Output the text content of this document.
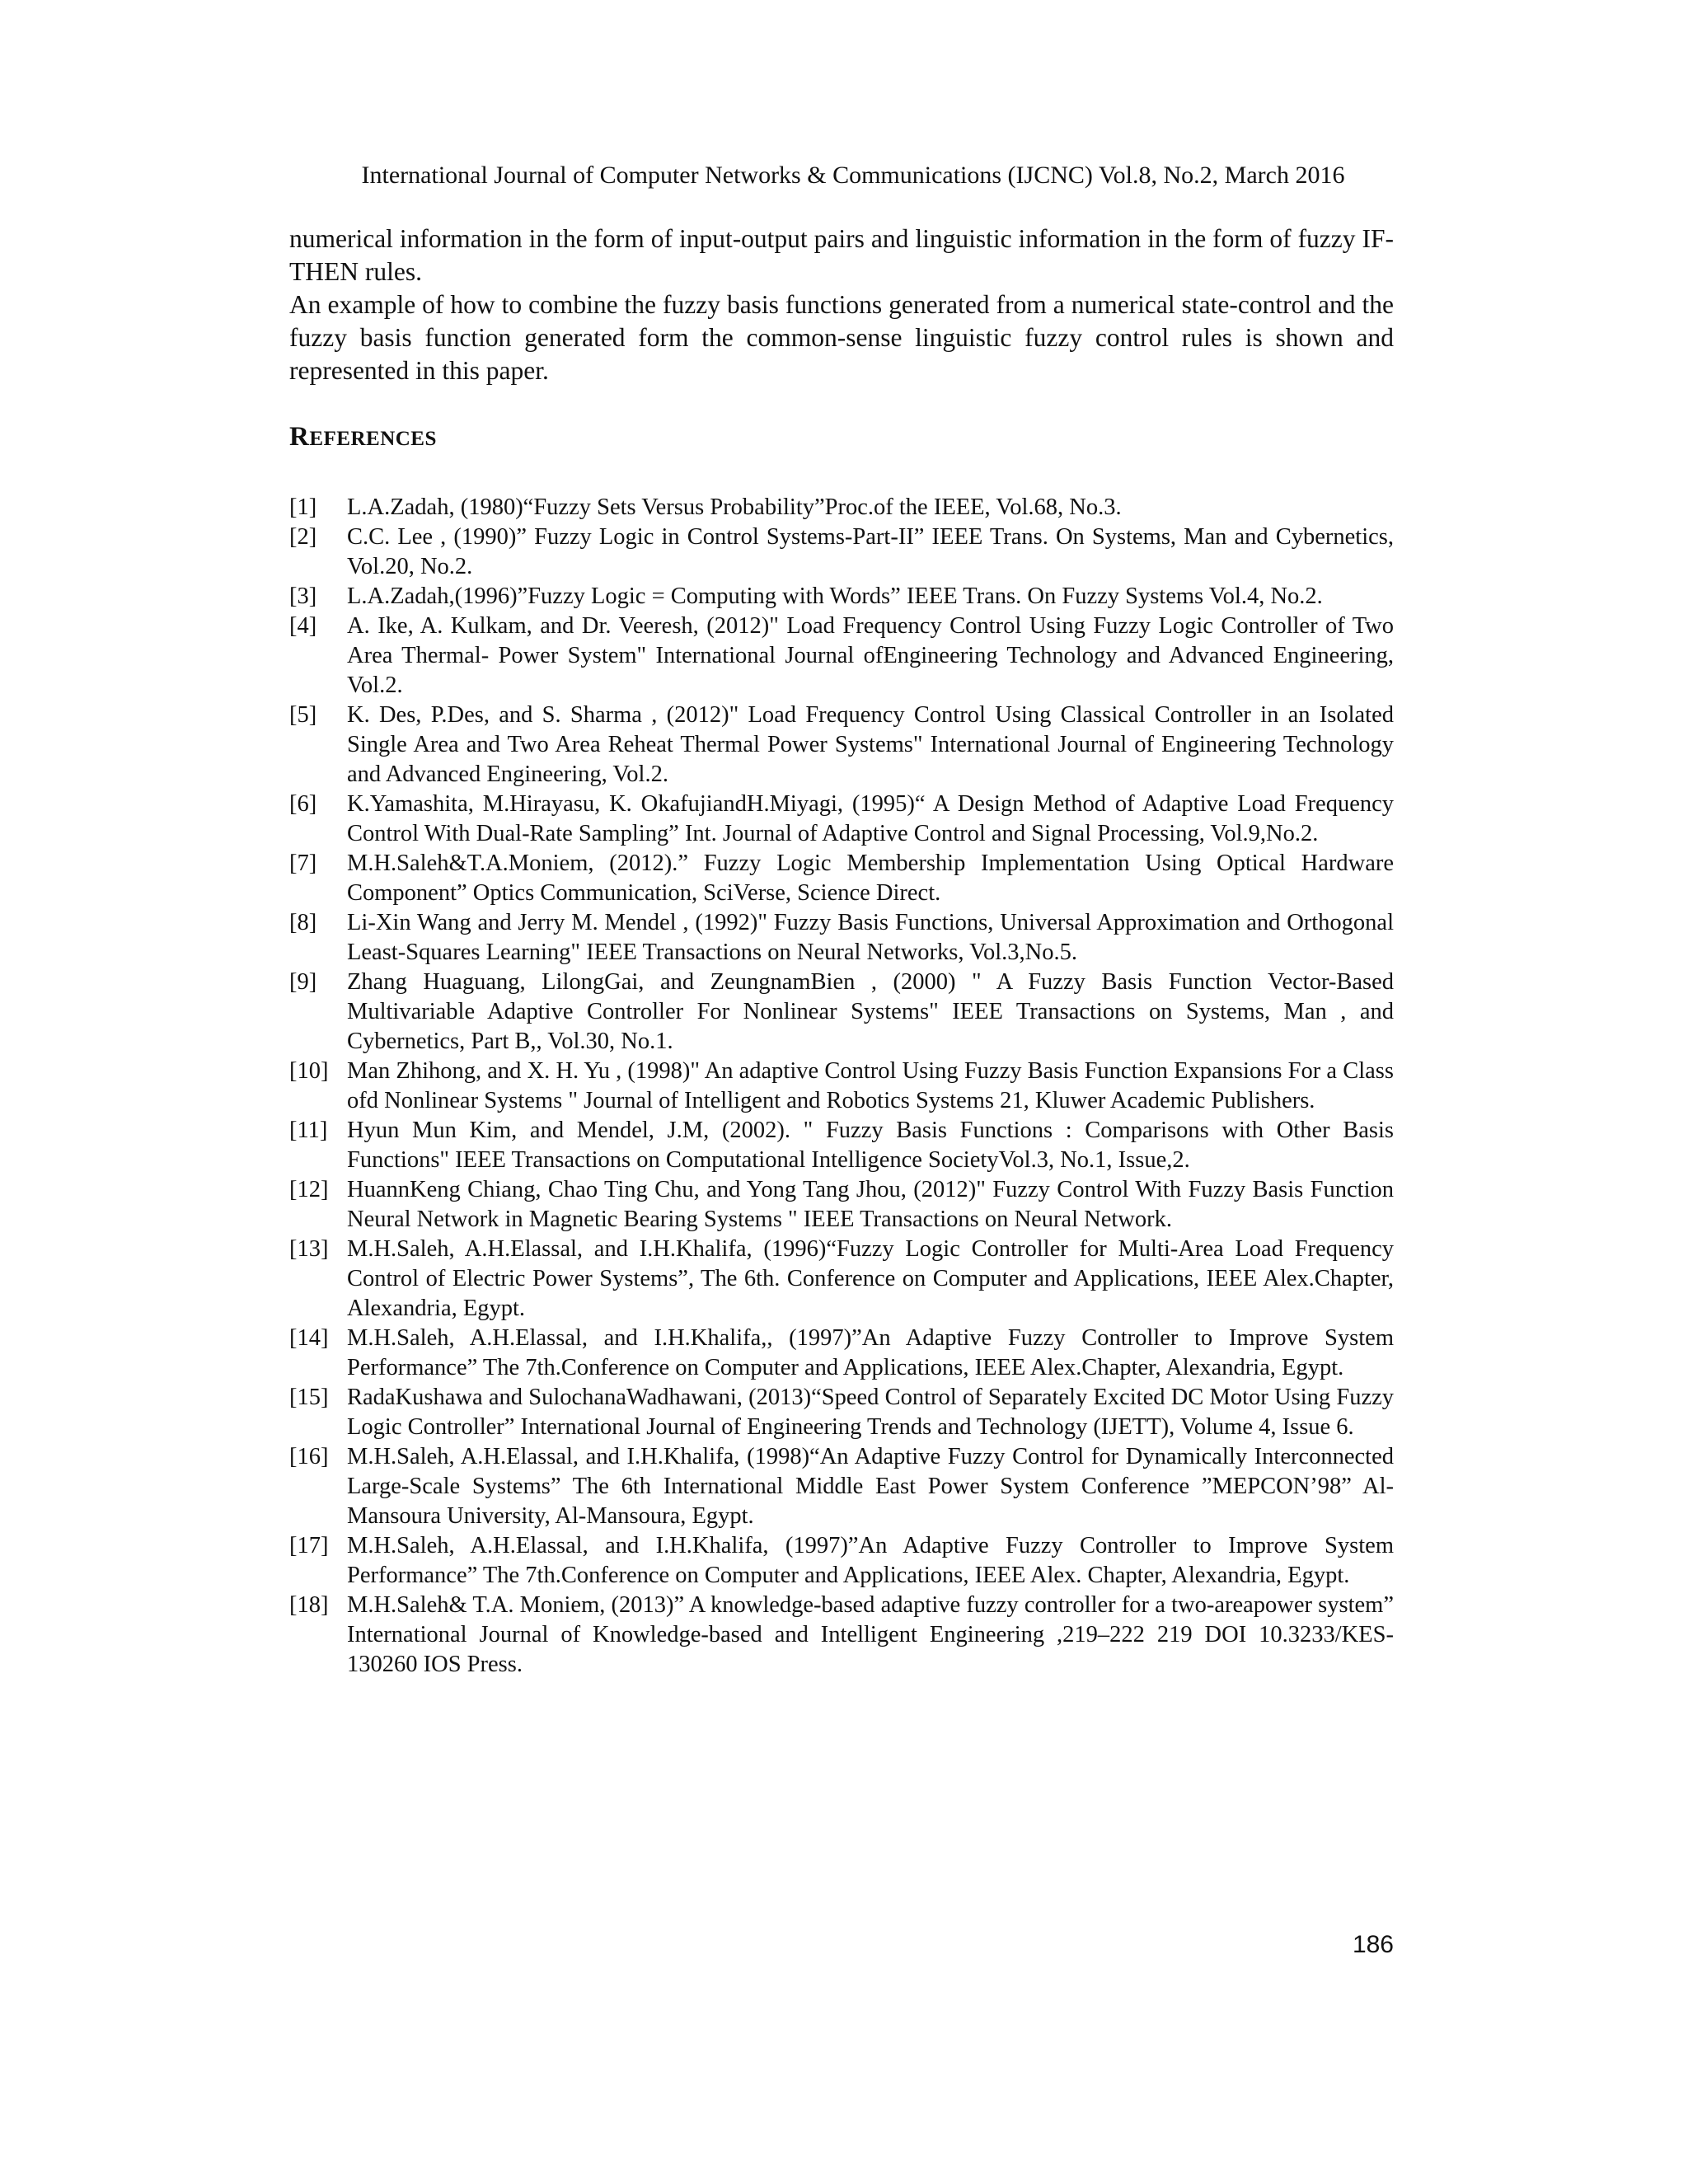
International Journal of Computer Networks & Communications (IJCNC) Vol.8, No.2, March 2016

numerical information in the form of input-output pairs and linguistic information in the form of fuzzy IF-THEN rules.

An example of how to combine the fuzzy basis functions generated from a numerical state-control and the fuzzy basis function generated form the common-sense linguistic fuzzy control rules is shown and represented in this paper.

REFERENCES
[1]	L.A.Zadah, (1980)“Fuzzy Sets Versus Probability”Proc.of the IEEE, Vol.68, No.3.
[2]	C.C. Lee , (1990)” Fuzzy Logic in Control Systems-Part-II” IEEE Trans. On Systems, Man and Cybernetics, Vol.20, No.2.
[3]	L.A.Zadah,(1996)”Fuzzy Logic = Computing with Words” IEEE Trans. On Fuzzy Systems Vol.4, No.2.
[4]	A. Ike, A. Kulkam, and Dr. Veeresh, (2012)" Load Frequency Control Using Fuzzy Logic Controller of Two Area Thermal- Power System" International Journal ofEngineering Technology and Advanced Engineering, Vol.2.
[5]	K. Des, P.Des, and S. Sharma , (2012)" Load Frequency Control Using Classical Controller in an Isolated Single Area and Two Area Reheat Thermal Power Systems" International Journal of Engineering Technology and Advanced Engineering, Vol.2.
[6]	K.Yamashita, M.Hirayasu, K. OkafujiandH.Miyagi, (1995)“ A Design Method of Adaptive Load Frequency Control With Dual-Rate Sampling” Int. Journal of Adaptive Control and Signal Processing, Vol.9,No.2.
[7]	M.H.Saleh&T.A.Moniem, (2012).” Fuzzy Logic Membership Implementation Using Optical Hardware Component” Optics Communication, SciVerse, Science Direct.
[8]	Li-Xin Wang and Jerry M. Mendel , (1992)" Fuzzy Basis Functions, Universal Approximation and Orthogonal Least-Squares Learning" IEEE Transactions on Neural Networks, Vol.3,No.5.
[9]	Zhang Huaguang, LilongGai, and ZeungnamBien , (2000) " A Fuzzy Basis Function Vector-Based Multivariable Adaptive Controller For Nonlinear Systems" IEEE Transactions on Systems, Man , and Cybernetics, Part B,, Vol.30, No.1.
[10] Man Zhihong, and X. H. Yu , (1998)" An adaptive Control Using Fuzzy Basis Function Expansions For a Class ofd Nonlinear Systems " Journal of Intelligent and Robotics Systems 21, Kluwer Academic Publishers.
[11] Hyun Mun Kim, and Mendel, J.M, (2002). " Fuzzy Basis Functions : Comparisons with Other Basis Functions" IEEE Transactions on Computational Intelligence SocietyVol.3, No.1, Issue,2.
[12] HuannKeng Chiang, Chao Ting Chu, and Yong Tang Jhou, (2012)" Fuzzy Control With Fuzzy Basis Function Neural Network in Magnetic Bearing Systems " IEEE Transactions on Neural Network.
[13] M.H.Saleh, A.H.Elassal, and I.H.Khalifa, (1996)“Fuzzy Logic Controller for Multi-Area Load Frequency Control of Electric Power Systems”, The 6th. Conference on Computer and Applications, IEEE Alex.Chapter, Alexandria, Egypt.
[14] M.H.Saleh, A.H.Elassal, and I.H.Khalifa,, (1997)”An Adaptive Fuzzy Controller to Improve System Performance” The 7th.Conference on Computer and Applications, IEEE Alex.Chapter, Alexandria, Egypt.
[15] RadaKushawa and SulochanaWadhawani, (2013)“Speed Control of Separately Excited DC Motor Using Fuzzy Logic Controller” International Journal of Engineering Trends and Technology (IJETT), Volume 4, Issue 6.
[16] M.H.Saleh, A.H.Elassal, and I.H.Khalifa, (1998)“An Adaptive Fuzzy Control for Dynamically Interconnected Large-Scale Systems” The 6th International Middle East Power System Conference ”MEPCON’98” Al-Mansoura University, Al-Mansoura, Egypt.
[17] M.H.Saleh, A.H.Elassal, and I.H.Khalifa, (1997)”An Adaptive Fuzzy Controller to Improve System Performance” The 7th.Conference on Computer and Applications, IEEE Alex. Chapter, Alexandria, Egypt.
[18] M.H.Saleh& T.A. Moniem, (2013)” A knowledge-based adaptive fuzzy controller for a two-areapower system” International Journal of Knowledge-based and Intelligent Engineering ,219–222 219 DOI 10.3233/KES-130260 IOS Press.
186
